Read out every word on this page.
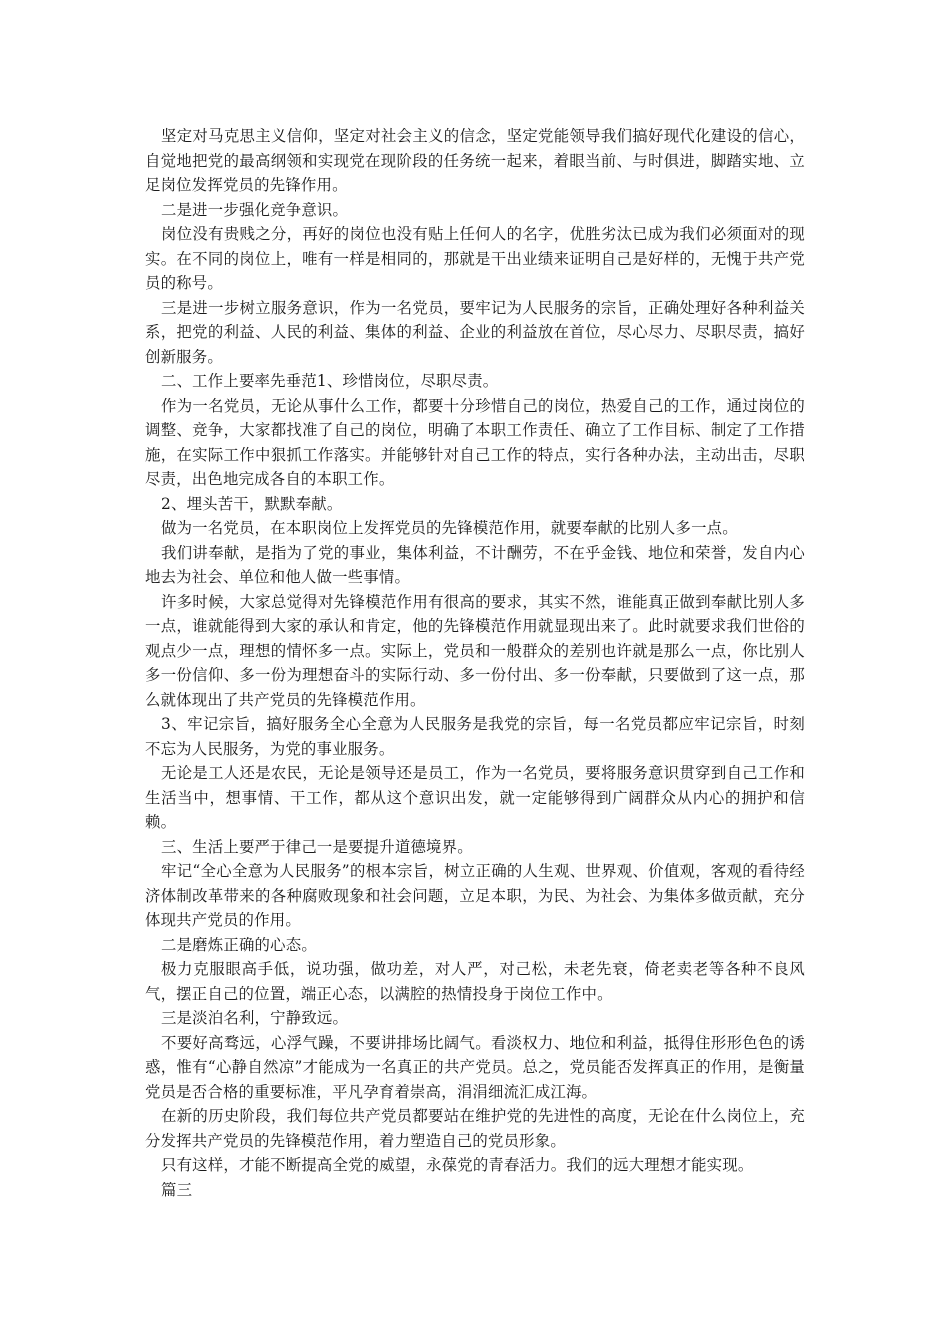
坚定对马克思主义信仰，坚定对社会主义的信念，坚定党能领导我们搞好现代化建设的信心，自觉地把党的最高纲领和实现党在现阶段的任务统一起来，着眼当前、与时俱进，脚踏实地、立足岗位发挥党员的先锋作用。

二是进一步强化竞争意识。

岗位没有贵贱之分，再好的岗位也没有贴上任何人的名字，优胜劣汰已成为我们必须面对的现实。在不同的岗位上，唯有一样是相同的，那就是干出业绩来证明自己是好样的，无愧于共产党员的称号。

三是进一步树立服务意识，作为一名党员，要牢记为人民服务的宗旨，正确处理好各种利益关系，把党的利益、人民的利益、集体的利益、企业的利益放在首位，尽心尽力、尽职尽责，搞好创新服务。

二、工作上要率先垂范1、珍惜岗位，尽职尽责。

作为一名党员，无论从事什么工作，都要十分珍惜自己的岗位，热爱自己的工作，通过岗位的调整、竞争，大家都找准了自己的岗位，明确了本职工作责任、确立了工作目标、制定了工作措施，在实际工作中狠抓工作落实。并能够针对自己工作的特点，实行各种办法，主动出击，尽职尽责，出色地完成各自的本职工作。

2、埋头苦干，默默奉献。

做为一名党员，在本职岗位上发挥党员的先锋模范作用，就要奉献的比别人多一点。

我们讲奉献，是指为了党的事业，集体利益，不计酬劳，不在乎金钱、地位和荣誉，发自内心地去为社会、单位和他人做一些事情。

许多时候，大家总觉得对先锋模范作用有很高的要求，其实不然，谁能真正做到奉献比别人多一点，谁就能得到大家的承认和肯定，他的先锋模范作用就显现出来了。此时就要求我们世俗的观点少一点，理想的情怀多一点。实际上，党员和一般群众的差别也许就是那么一点，你比别人多一份信仰、多一份为理想奋斗的实际行动、多一份付出、多一份奉献，只要做到了这一点，那么就体现出了共产党员的先锋模范作用。

3、牢记宗旨，搞好服务全心全意为人民服务是我党的宗旨，每一名党员都应牢记宗旨，时刻不忘为人民服务，为党的事业服务。

无论是工人还是农民，无论是领导还是员工，作为一名党员，要将服务意识贯穿到自己工作和生活当中，想事情、干工作，都从这个意识出发，就一定能够得到广阔群众从内心的拥护和信赖。

三、生活上要严于律己一是要提升道德境界。

牢记“全心全意为人民服务”的根本宗旨，树立正确的人生观、世界观、价值观，客观的看待经济体制改革带来的各种腐败现象和社会问题，立足本职，为民、为社会、为集体多做贡献，充分体现共产党员的作用。

二是磨炼正确的心态。

极力克服眼高手低，说功强，做功差，对人严，对己松，未老先衰，倚老卖老等各种不良风气，摆正自己的位置，端正心态，以满腔的热情投身于岗位工作中。

三是淡泊名利，宁静致远。

不要好高骛远，心浮气躁，不要讲排场比阔气。看淡权力、地位和利益，抵得住形形色色的诱惑，惟有“心静自然凉”才能成为一名真正的共产党员。总之，党员能否发挥真正的作用，是衡量党员是否合格的重要标准，平凡孕育着崇高，涓涓细流汇成江海。

在新的历史阶段，我们每位共产党员都要站在维护党的先进性的高度，无论在什么岗位上，充分发挥共产党员的先锋模范作用，着力塑造自己的党员形象。

只有这样，才能不断提高全党的威望，永葆党的青春活力。我们的远大理想才能实现。

篇三
